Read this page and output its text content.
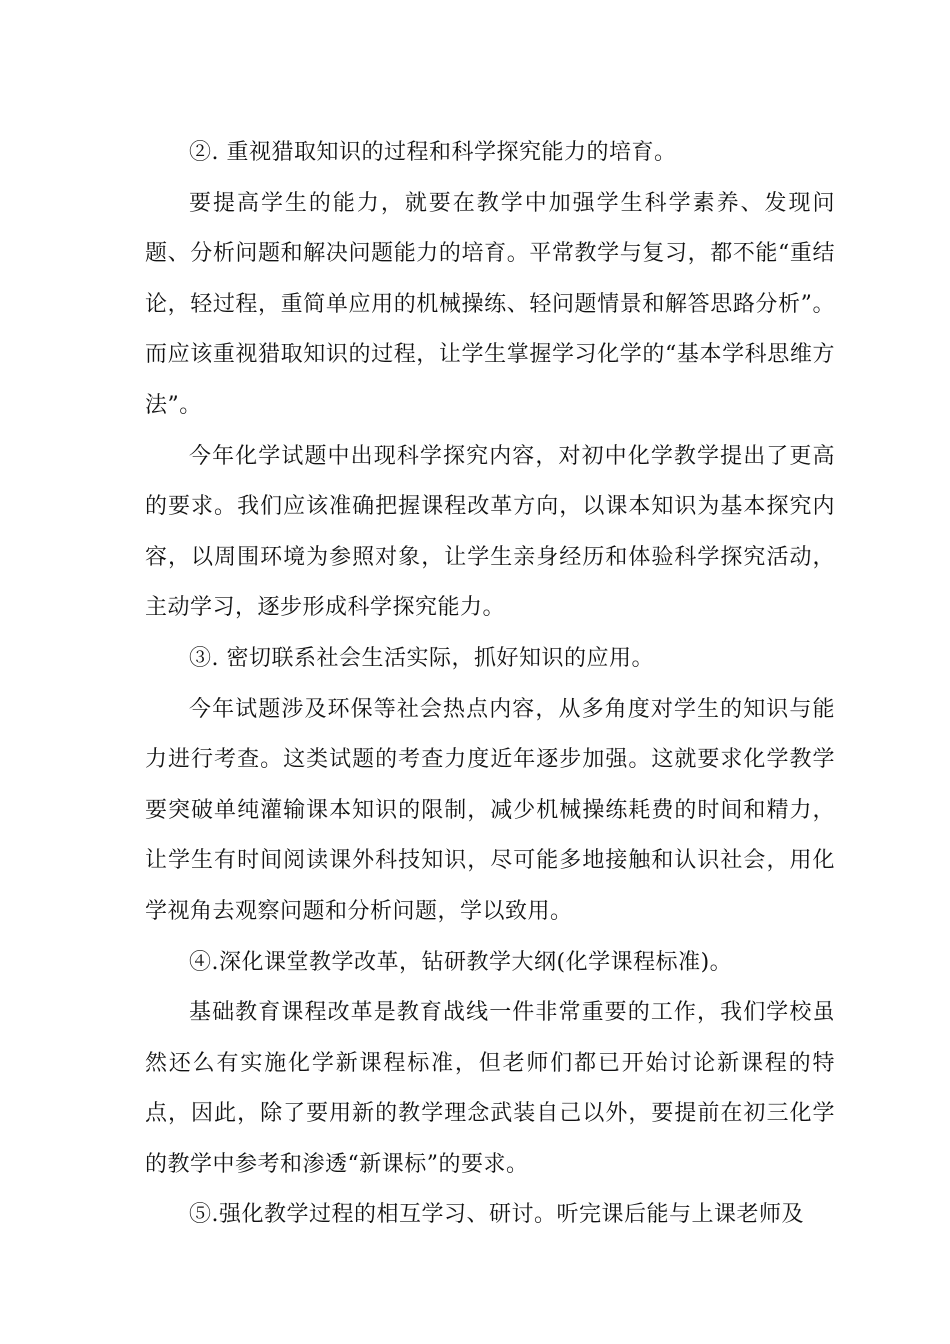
②. 重视猎取知识的过程和科学探究能力的培育。

要提高学生的能力，就要在教学中加强学生科学素养、发现问题、分析问题和解决问题能力的培育。平常教学与复习，都不能“重结论，轻过程，重简单应用的机械操练、轻问题情景和解答思路分析”。而应该重视猎取知识的过程，让学生掌握学习化学的“基本学科思维方法”。

今年化学试题中出现科学探究内容，对初中化学教学提出了更高的要求。我们应该准确把握课程改革方向，以课本知识为基本探究内容，以周围环境为参照对象，让学生亲身经历和体验科学探究活动，主动学习，逐步形成科学探究能力。

③. 密切联系社会生活实际，抓好知识的应用。

今年试题涉及环保等社会热点内容，从多角度对学生的知识与能力进行考查。这类试题的考查力度近年逐步加强。这就要求化学教学要突破单纯灌输课本知识的限制，减少机械操练耗费的时间和精力，让学生有时间阅读课外科技知识，尽可能多地接触和认识社会，用化学视角去观察问题和分析问题，学以致用。

④.深化课堂教学改革，钻研教学大纲(化学课程标准)。

基础教育课程改革是教育战线一件非常重要的工作，我们学校虽然还么有实施化学新课程标准，但老师们都已开始讨论新课程的特点，因此，除了要用新的教学理念武装自己以外，要提前在初三化学的教学中参考和渗透“新课标”的要求。

⑤.强化教学过程的相互学习、研讨。听完课后能与上课老师及
